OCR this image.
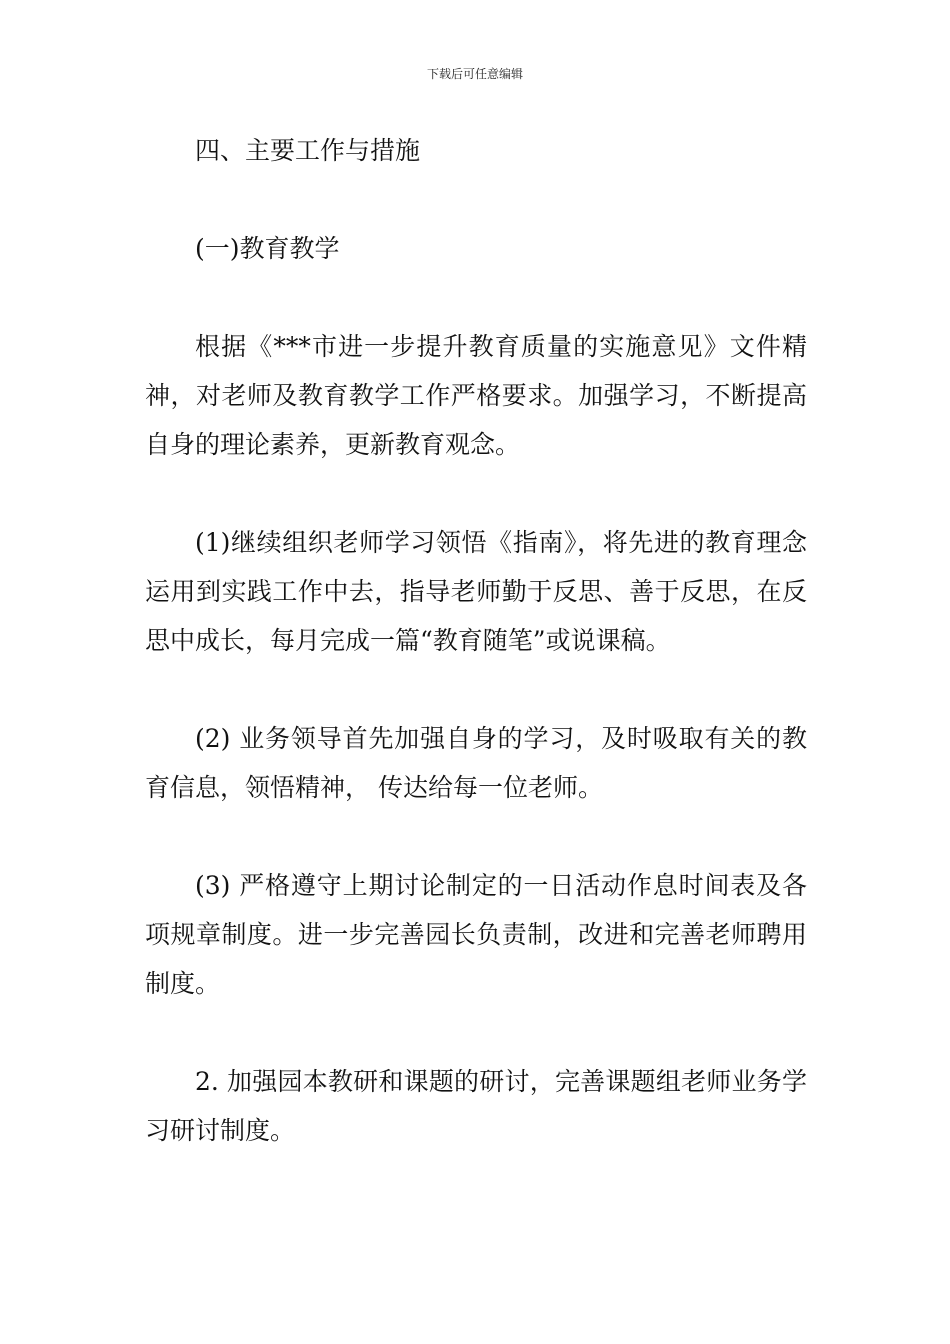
下载后可任意编辑

四、主要工作与措施

(一)教育教学

根据《***市进一步提升教育质量的实施意见》文件精神，对老师及教育教学工作严格要求。加强学习，不断提高自身的理论素养，更新教育观念。

(1)继续组织老师学习领悟《指南》，将先进的教育理念运用到实践工作中去，指导老师勤于反思、善于反思，在反思中成长，每月完成一篇“教育随笔”或说课稿。

(2) 业务领导首先加强自身的学习，及时吸取有关的教育信息，领悟精神， 传达给每一位老师。

(3) 严格遵守上期讨论制定的一日活动作息时间表及各项规章制度。进一步完善园长负责制，改进和完善老师聘用制度。

2. 加强园本教研和课题的研讨，完善课题组老师业务学习研讨制度。
